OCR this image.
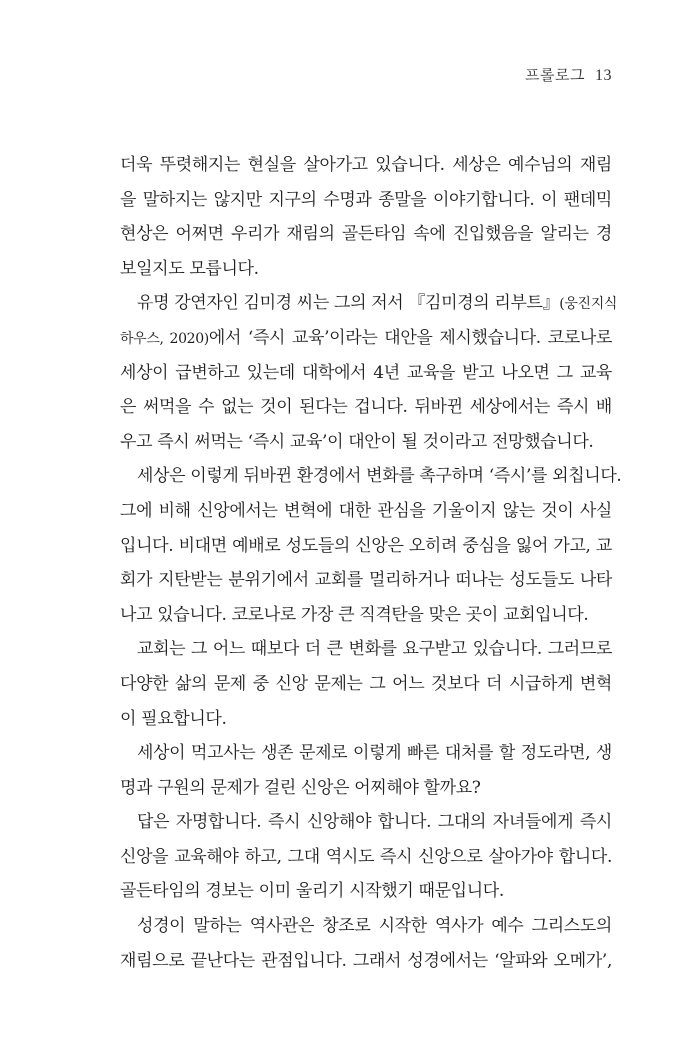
프롤로그 13
더욱 뚜렷해지는 현실을 살아가고 있습니다. 세상은 예수님의 재림
을 말하지는 않지만 지구의 수명과 종말을 이야기합니다. 이 팬데믹
현상은 어쩌면 우리가 재림의 골든타임 속에 진입했음을 알리는 경
보일지도 모릅니다.
유명 강연자인 김미경 씨는 그의 저서 『김미경의 리부트』(웅진지식
하우스, 2020)에서 ‘즉시 교육’이라는 대안을 제시했습니다. 코로나로
세상이 급변하고 있는데 대학에서 4년 교육을 받고 나오면 그 교육
은 써먹을 수 없는 것이 된다는 겁니다. 뒤바뀐 세상에서는 즉시 배
우고 즉시 써먹는 ‘즉시 교육’이 대안이 될 것이라고 전망했습니다.
세상은 이렇게 뒤바뀐 환경에서 변화를 촉구하며 ‘즉시’를 외칩니다.
그에 비해 신앙에서는 변혁에 대한 관심을 기울이지 않는 것이 사실
입니다. 비대면 예배로 성도들의 신앙은 오히려 중심을 잃어 가고, 교
회가 지탄받는 분위기에서 교회를 멀리하거나 떠나는 성도들도 나타
나고 있습니다. 코로나로 가장 큰 직격탄을 맞은 곳이 교회입니다.
교회는 그 어느 때보다 더 큰 변화를 요구받고 있습니다. 그러므로
다양한 삶의 문제 중 신앙 문제는 그 어느 것보다 더 시급하게 변혁
이 필요합니다.
세상이 먹고사는 생존 문제로 이렇게 빠른 대처를 할 정도라면, 생
명과 구원의 문제가 걸린 신앙은 어찌해야 할까요?
답은 자명합니다. 즉시 신앙해야 합니다. 그대의 자녀들에게 즉시
신앙을 교육해야 하고, 그대 역시도 즉시 신앙으로 살아가야 합니다.
골든타임의 경보는 이미 울리기 시작했기 때문입니다.
성경이 말하는 역사관은 창조로 시작한 역사가 예수 그리스도의
재림으로 끝난다는 관점입니다. 그래서 성경에서는 ‘알파와 오메가’,
